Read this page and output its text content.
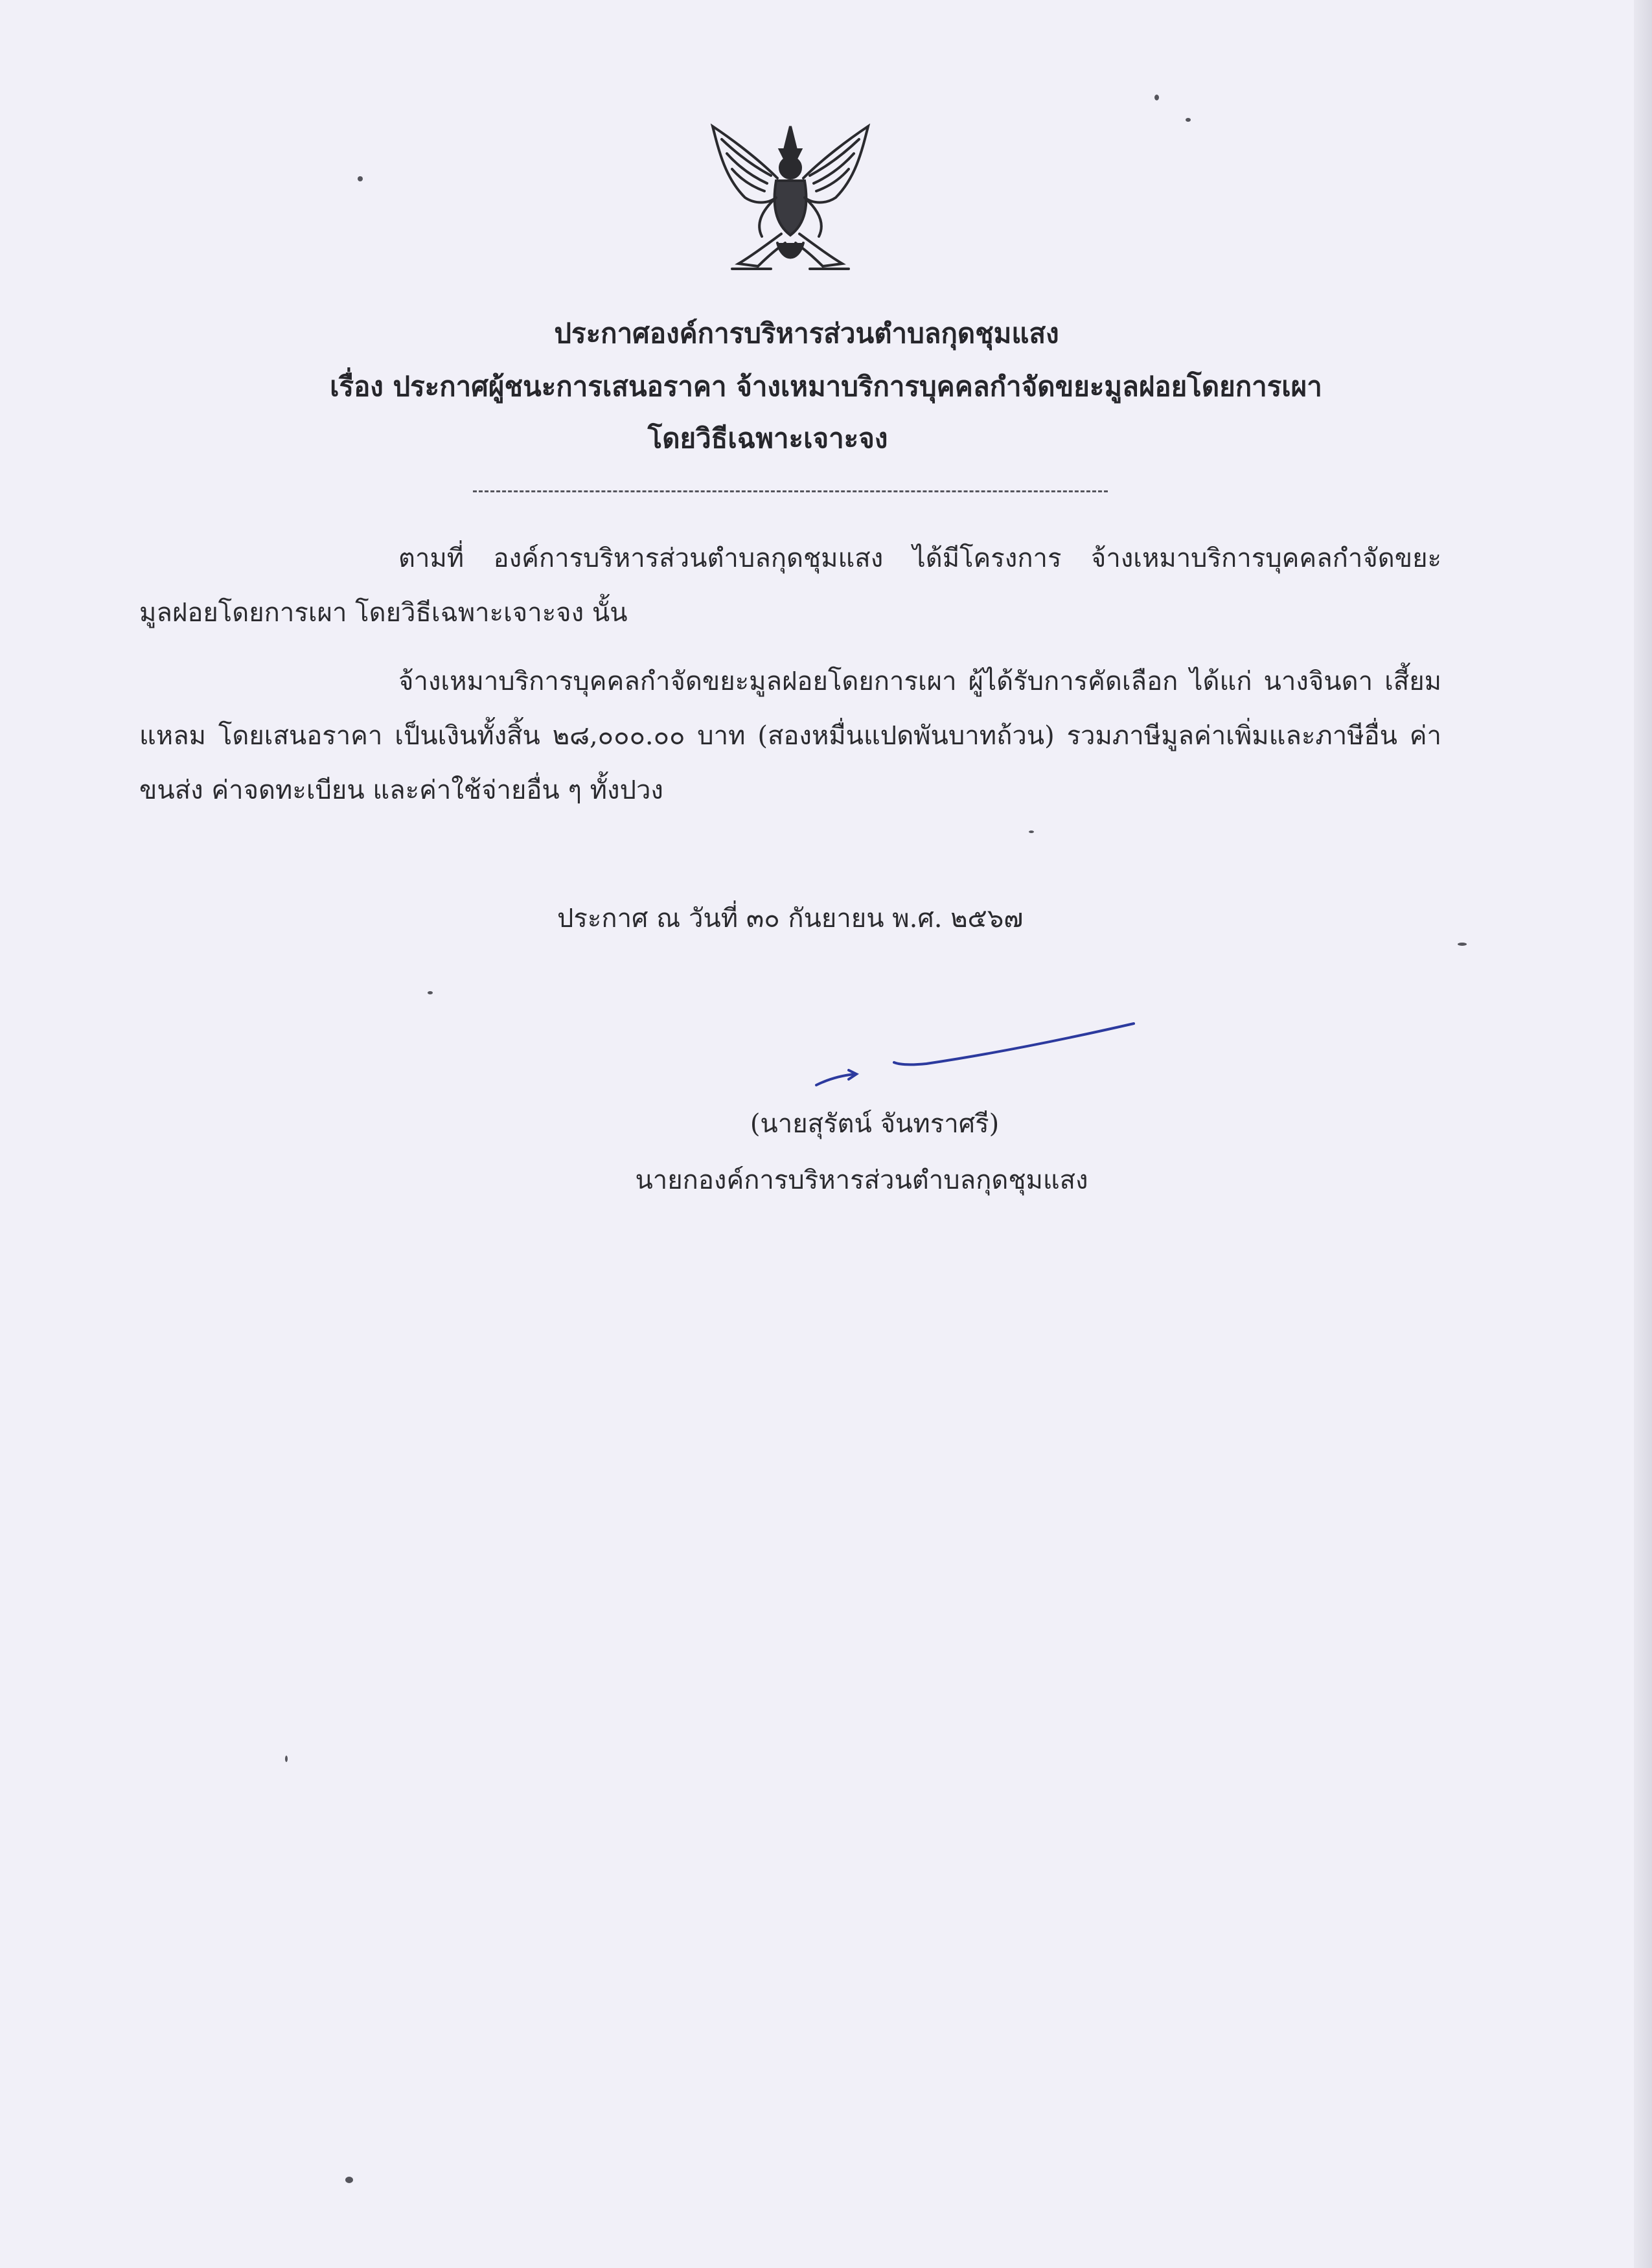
ประกาศองค์การบริหารส่วนตำบลกุดชุมแสง
เรื่อง ประกาศผู้ชนะการเสนอราคา จ้างเหมาบริการบุคคลกำจัดขยะมูลฝอยโดยการเผา
โดยวิธีเฉพาะเจาะจง
ตามที่ องค์การบริหารส่วนตำบลกุดชุมแสง ได้มีโครงการ จ้างเหมาบริการบุคคลกำจัดขยะมูลฝอยโดยการเผา โดยวิธีเฉพาะเจาะจง นั้น
จ้างเหมาบริการบุคคลกำจัดขยะมูลฝอยโดยการเผา ผู้ได้รับการคัดเลือก ได้แก่ นางจินดา เสี้ยมแหลม โดยเสนอราคา เป็นเงินทั้งสิ้น ๒๘,๐๐๐.๐๐ บาท (สองหมื่นแปดพันบาทถ้วน) รวมภาษีมูลค่าเพิ่มและภาษีอื่น ค่าขนส่ง ค่าจดทะเบียน และค่าใช้จ่ายอื่น ๆ ทั้งปวง
ประกาศ ณ วันที่ ๓๐ กันยายน พ.ศ. ๒๕๖๗
(นายสุรัตน์ จันทราศรี)
นายกองค์การบริหารส่วนตำบลกุดชุมแสง
